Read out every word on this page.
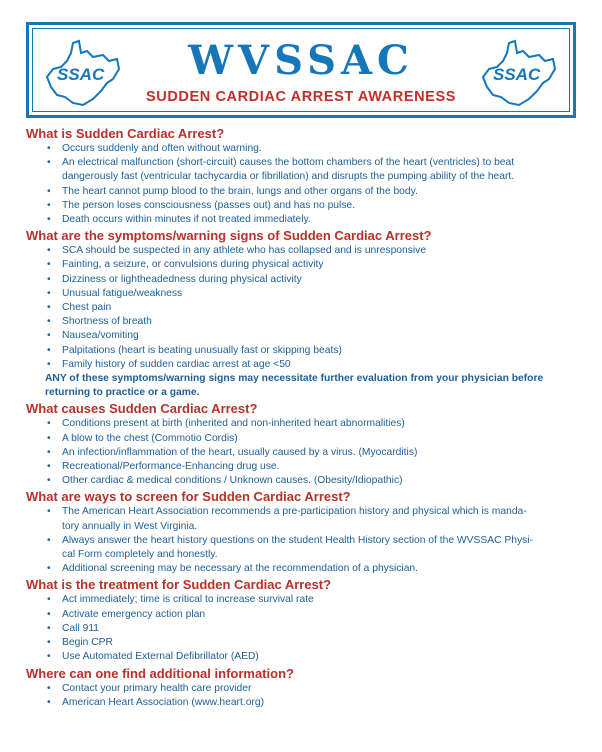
SSAC	WVSSAC
SUDDEN CARDIAC ARREST AWARENESS
SSAC
What is Sudden Cardiac Arrest?
• Occurs suddenly and often without warning.
• An electrical malfunction (short-circuit) causes the bottom chambers of the heart (ventricles) to beat
dangerously fast (ventricular tachycardia or fibrillation) and disrupts the pumping ability of the heart.
• The heart cannot pump blood to the brain, lungs and other organs of the body.
• The person loses consciousness (passes out) and has no pulse.
• Death occurs within minutes if not treated immediately.
What are the symptoms/warning signs of Sudden Cardiac Arrest?
• SCA should be suspected in any athlete who has collapsed and is unresponsive
• Fainting, a seizure, or convulsions during physical activity
• Dizziness or lightheadedness during physical activity
• Unusual fatigue/weakness
• Chest pain
• Shortness of breath
• Nausea/vomiting
• Palpitations (heart is beating unusually fast or skipping beats)
• Family history of sudden cardiac arrest at age <50
ANY of these symptoms/warning signs may necessitate further evaluation from your physician before
returning to practice or a game.
What causes Sudden Cardiac Arrest?
• Conditions present at birth (inherited and non-inherited heart abnormalities)
• A blow to the chest (Commotio Cordis)
• An infection/inflammation of the heart, usually caused by a virus. (Myocarditis)
• Recreational/Performance-Enhancing drug use.
• Other cardiac & medical conditions / Unknown causes. (Obesity/Idiopathic)
What are ways to screen for Sudden Cardiac Arrest?
• The American Heart Association recommends a pre-participation history and physical which is manda-
tory annually in West Virginia.
• Always answer the heart history questions on the student Health History section of the WVSSAC Physi-
cal Form completely and honestly.
• Additional screening may be necessary at the recommendation of a physician.
What is the treatment for Sudden Cardiac Arrest?
• Act immediately; time is critical to increase survival rate
• Activate emergency action plan
• Call 911
• Begin CPR
• Use Automated External Defibrillator (AED)
Where can one find additional information?
• Contact your primary health care provider
• American Heart Association (www.heart.org)
